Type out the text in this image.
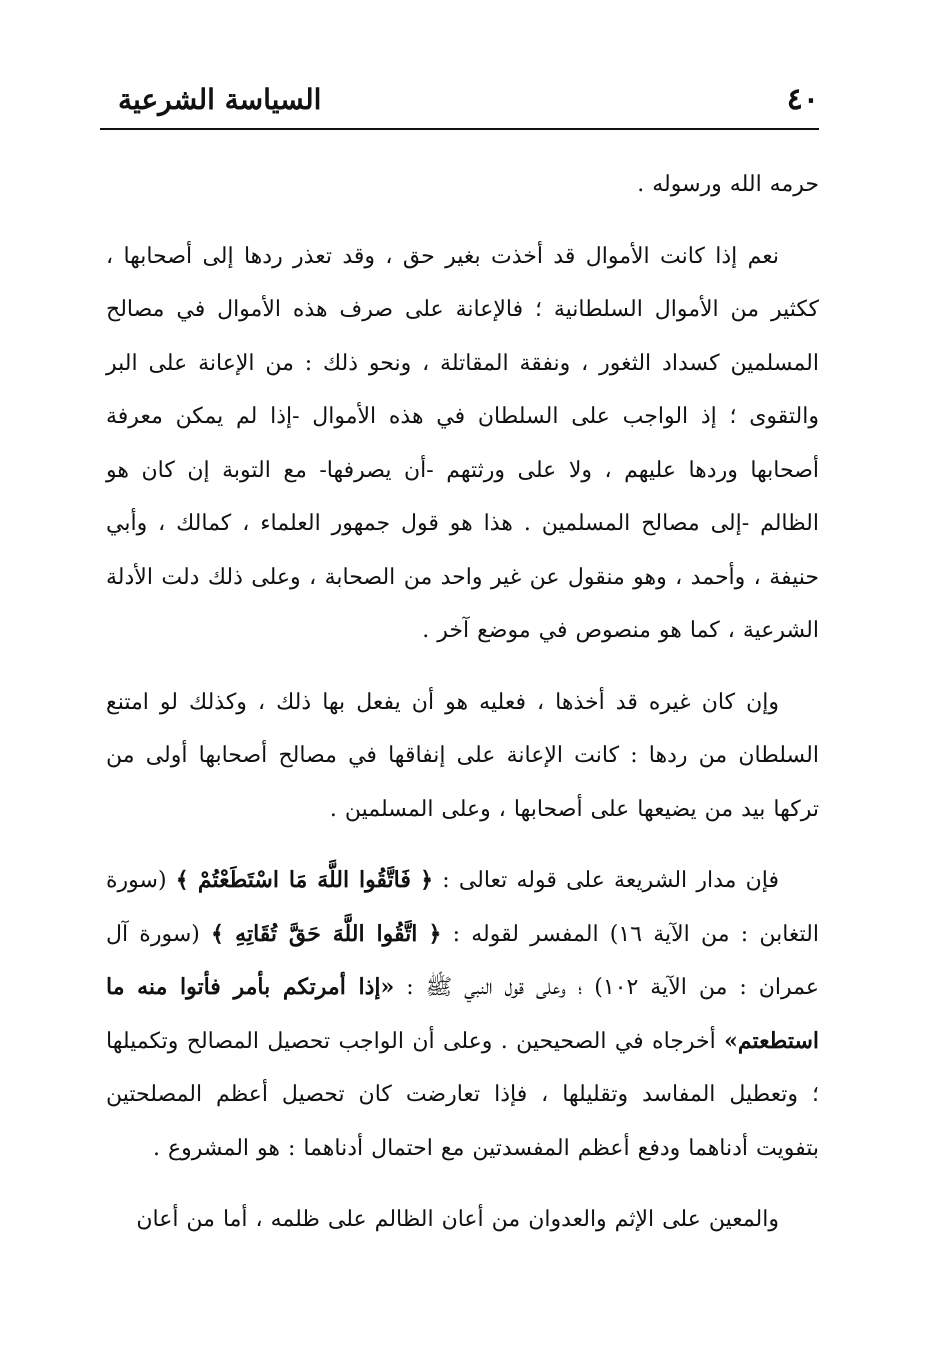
٤٠
السياسة الشرعية

حرمه الله ورسوله .

نعم إذا كانت الأموال قد أخذت بغير حق ، وقد تعذر ردها إلى أصحابها ، ككثير من الأموال السلطانية ؛ فالإعانة على صرف هذه الأموال في مصالح المسلمين كسداد الثغور ، ونفقة المقاتلة ، ونحو ذلك : من الإعانة على البر والتقوى ؛ إذ الواجب على السلطان في هذه الأموال -إذا لم يمكن معرفة أصحابها وردها عليهم ، ولا على ورثتهم -أن يصرفها- مع التوبة إن كان هو الظالم -إلى مصالح المسلمين . هذا هو قول جمهور العلماء ، كمالك ، وأبي حنيفة ، وأحمد ، وهو منقول عن غير واحد من الصحابة ، وعلى ذلك دلت الأدلة الشرعية ، كما هو منصوص في موضع آخر .

وإن كان غيره قد أخذها ، فعليه هو أن يفعل بها ذلك ، وكذلك لو امتنع السلطان من ردها : كانت الإعانة على إنفاقها في مصالح أصحابها أولى من تركها بيد من يضيعها على أصحابها ، وعلى المسلمين .

فإن مدار الشريعة على قوله تعالى : ﴿ فَاتَّقُوا اللَّهَ مَا اسْتَطَعْتُمْ ﴾ (سورة التغابن : من الآية ١٦) المفسر لقوله : ﴿ اتَّقُوا اللَّهَ حَقَّ تُقَاتِهِ ﴾ (سورة آل عمران : من الآية ١٠٢) ؛ وعلى قول النبي ﷺ : «إذا أمرتكم بأمر فأتوا منه ما استطعتم» أخرجاه في الصحيحين . وعلى أن الواجب تحصيل المصالح وتكميلها ؛ وتعطيل المفاسد وتقليلها ، فإذا تعارضت كان تحصيل أعظم المصلحتين بتفويت أدناهما ودفع أعظم المفسدتين مع احتمال أدناهما : هو المشروع .

والمعين على الإثم والعدوان من أعان الظالم على ظلمه ، أما من أعان
